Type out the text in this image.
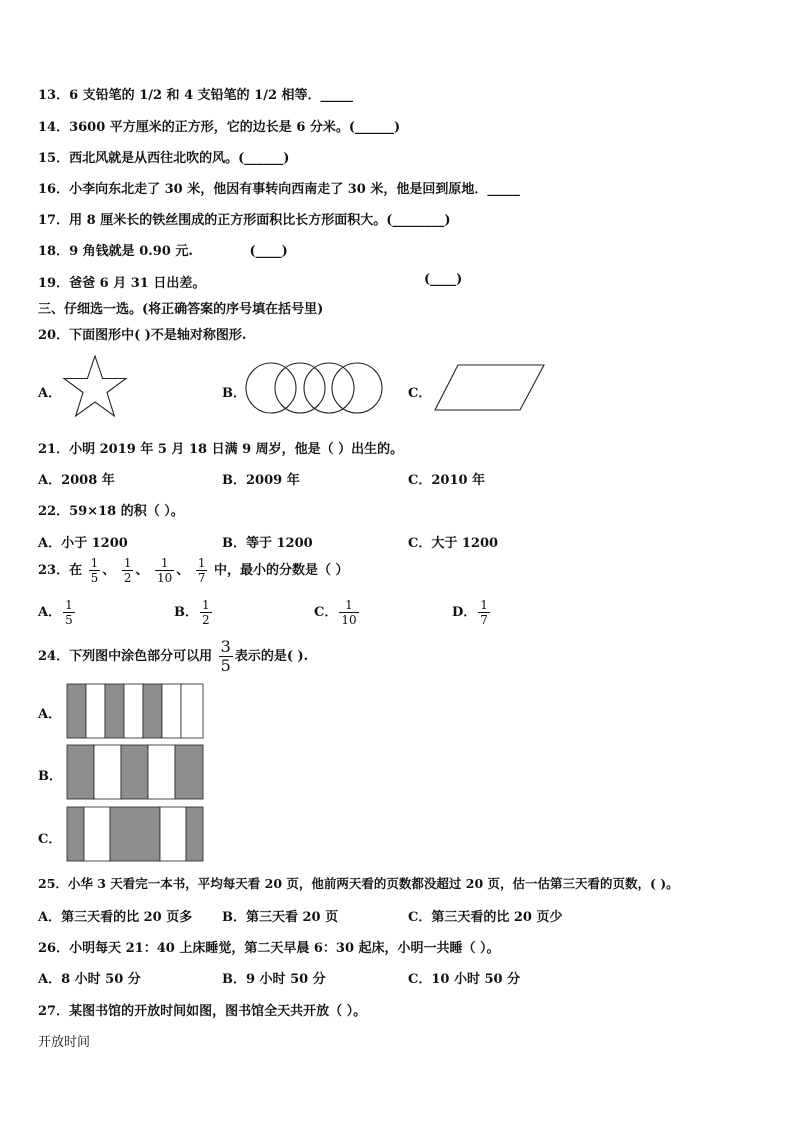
13．6 支铅笔的 1/2 和 4 支铅笔的 1/2 相等．_____
14．3600 平方厘米的正方形，它的边长是 6 分米。(______)
15．西北风就是从西往北吹的风。(______)
16．小李向东北走了 30 米，他因有事转向西南走了 30 米，他是回到原地．_____
17．用 8 厘米长的铁丝围成的正方形面积比长方形面积大。(________)
18．9 角钱就是 0.90 元.	(____)
19．爸爸 6 月 31 日出差。	(____)
三、仔细选一选。(将正确答案的序号填在括号里)
20．下面图形中( )不是轴对称图形.
A．	B．	C．
21．小明 2019 年 5 月 18 日满 9 周岁，他是（ ）出生的。
A．2008 年	B．2009 年	C．2010 年
22．59×18 的积（ ）。
A．小于 1200	B．等于 1200	C．大于 1200
23．在 $\frac{1}{5}$ 、 $\frac{1}{2}$ 、 $\frac{1}{10}$ 、 $\frac{1}{7}$ 中，最小的分数是（ ）
A． $\frac{1}{5}$	B． $\frac{1}{2}$	C． $\frac{1}{10}$	D． $\frac{1}{7}$
24．下列图中涂色部分可以用 $\frac{3}{5}$ 表示的是( ).
A．
B．
C．
25．小华 3 天看完一本书，平均每天看 20 页，他前两天看的页数都没超过 20 页，估一估第三天看的页数，( )。
A．第三天看的比 20 页多 B．第三天看 20 页	C．第三天看的比 20 页少
26．小明每天 21：40 上床睡觉，第二天早晨 6：30 起床，小明一共睡（ ）。
A．8 小时 50 分	B．9 小时 50 分	C．10 小时 50 分
27．某图书馆的开放时间如图，图书馆全天共开放（ ）。
开放时间
